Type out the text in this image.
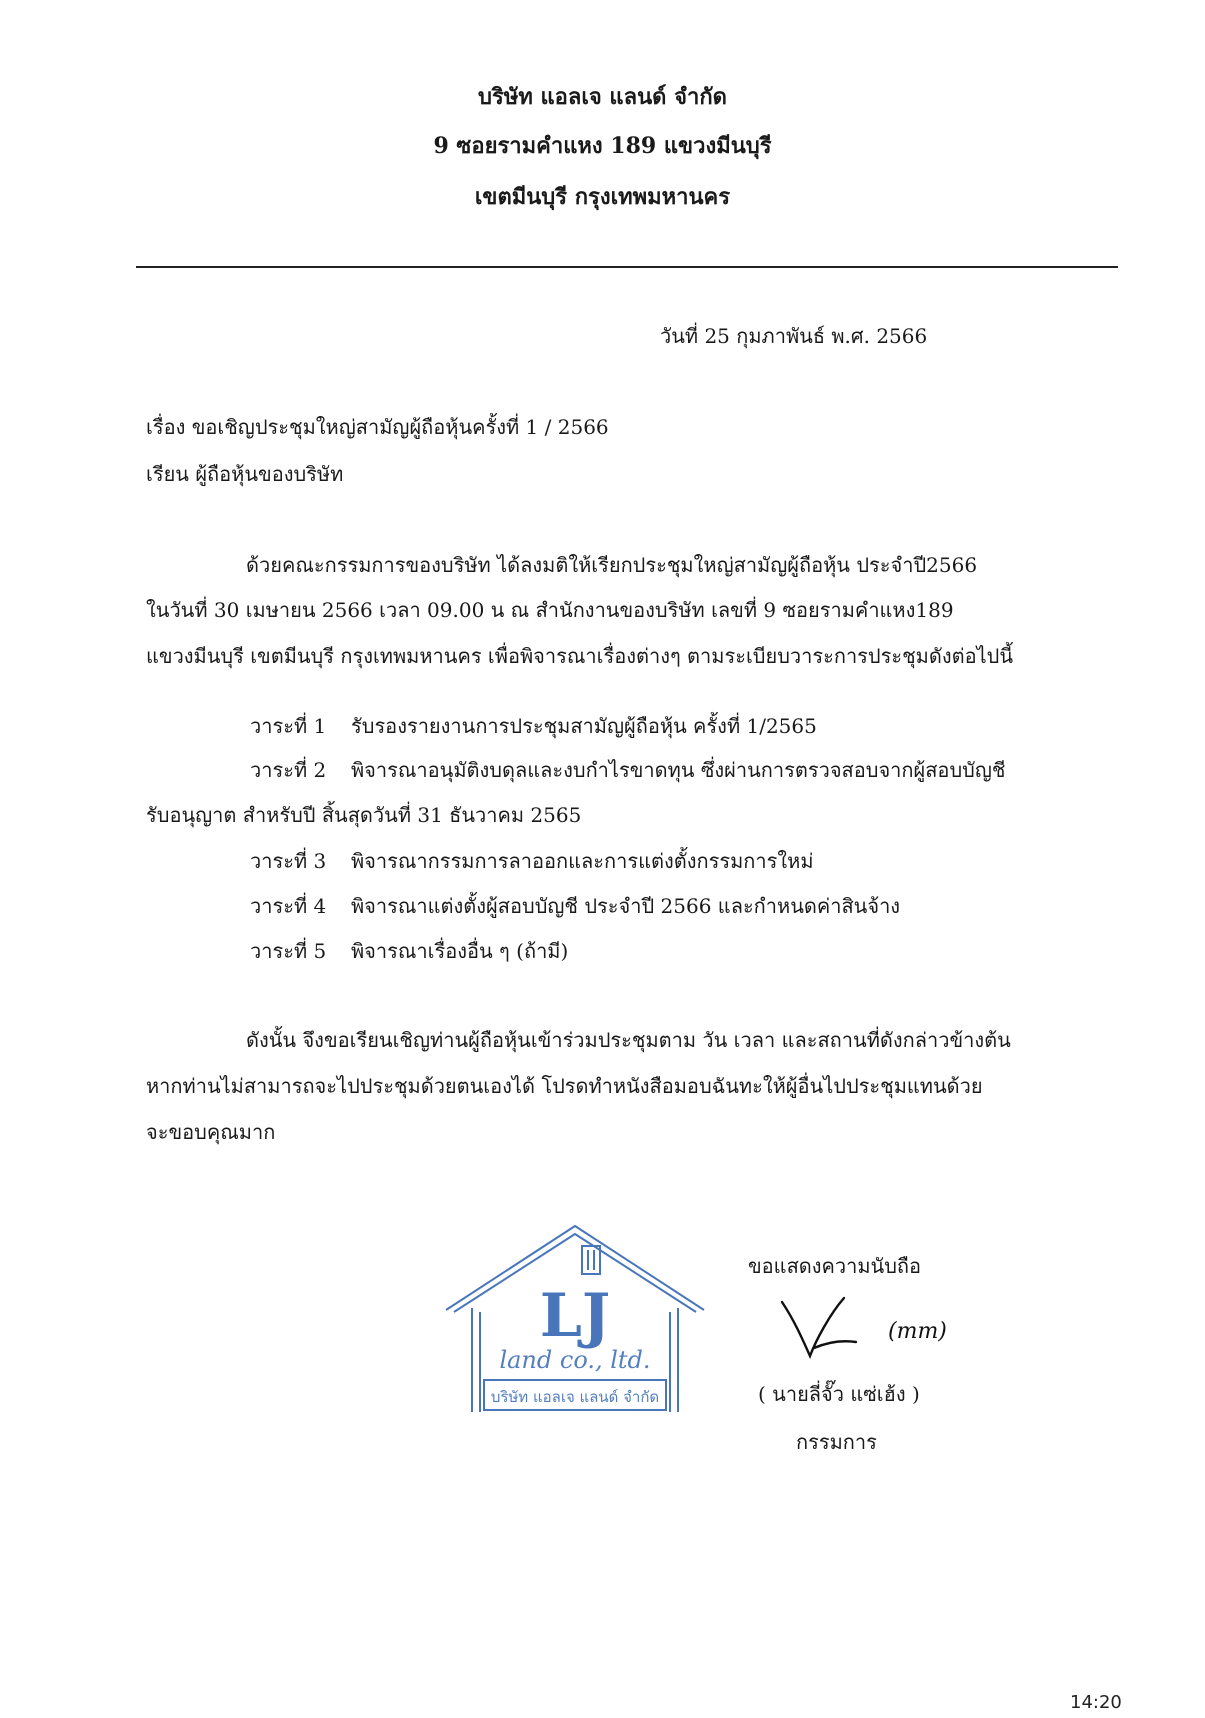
บริษัท แอลเจ แลนด์ จำกัด
9 ซอยรามคำแหง 189 แขวงมีนบุรี
เขตมีนบุรี กรุงเทพมหานคร
วันที่ 25 กุมภาพันธ์ พ.ศ. 2566
เรื่อง ขอเชิญประชุมใหญ่สามัญผู้ถือหุ้นครั้งที่ 1 / 2566
เรียน ผู้ถือหุ้นของบริษัท
ด้วยคณะกรรมการของบริษัท ได้ลงมติให้เรียกประชุมใหญ่สามัญผู้ถือหุ้น ประจำปี2566
ในวันที่ 30 เมษายน 2566 เวลา 09.00 น ณ สำนักงานของบริษัท เลขที่ 9 ซอยรามคำแหง189
แขวงมีนบุรี เขตมีนบุรี กรุงเทพมหานคร เพื่อพิจารณาเรื่องต่างๆ ตามระเบียบวาระการประชุมดังต่อไปนี้
วาระที่ 1 รับรองรายงานการประชุมสามัญผู้ถือหุ้น ครั้งที่ 1/2565
วาระที่ 2 พิจารณาอนุมัติงบดุลและงบกำไรขาดทุน ซึ่งผ่านการตรวจสอบจากผู้สอบบัญชี
รับอนุญาต สำหรับปี สิ้นสุดวันที่ 31 ธันวาคม 2565
วาระที่ 3 พิจารณากรรมการลาออกและการแต่งตั้งกรรมการใหม่
วาระที่ 4 พิจารณาแต่งตั้งผู้สอบบัญชี ประจำปี 2566 และกำหนดค่าสินจ้าง
วาระที่ 5 พิจารณาเรื่องอื่น ๆ (ถ้ามี)
ดังนั้น จึงขอเรียนเชิญท่านผู้ถือหุ้นเข้าร่วมประชุมตาม วัน เวลา และสถานที่ดังกล่าวข้างต้น
หากท่านไม่สามารถจะไปประชุมด้วยตนเองได้ โปรดทำหนังสือมอบฉันทะให้ผู้อื่นไปประชุมแทนด้วย
จะขอบคุณมาก
ขอแสดงความนับถือ
LJ
land co., ltd.
บริษัท แอลเจ แลนด์ จำกัด
(mm)
( นายลี่จั๊ว แซ่เฮ้ง )
กรรมการ
14:20
